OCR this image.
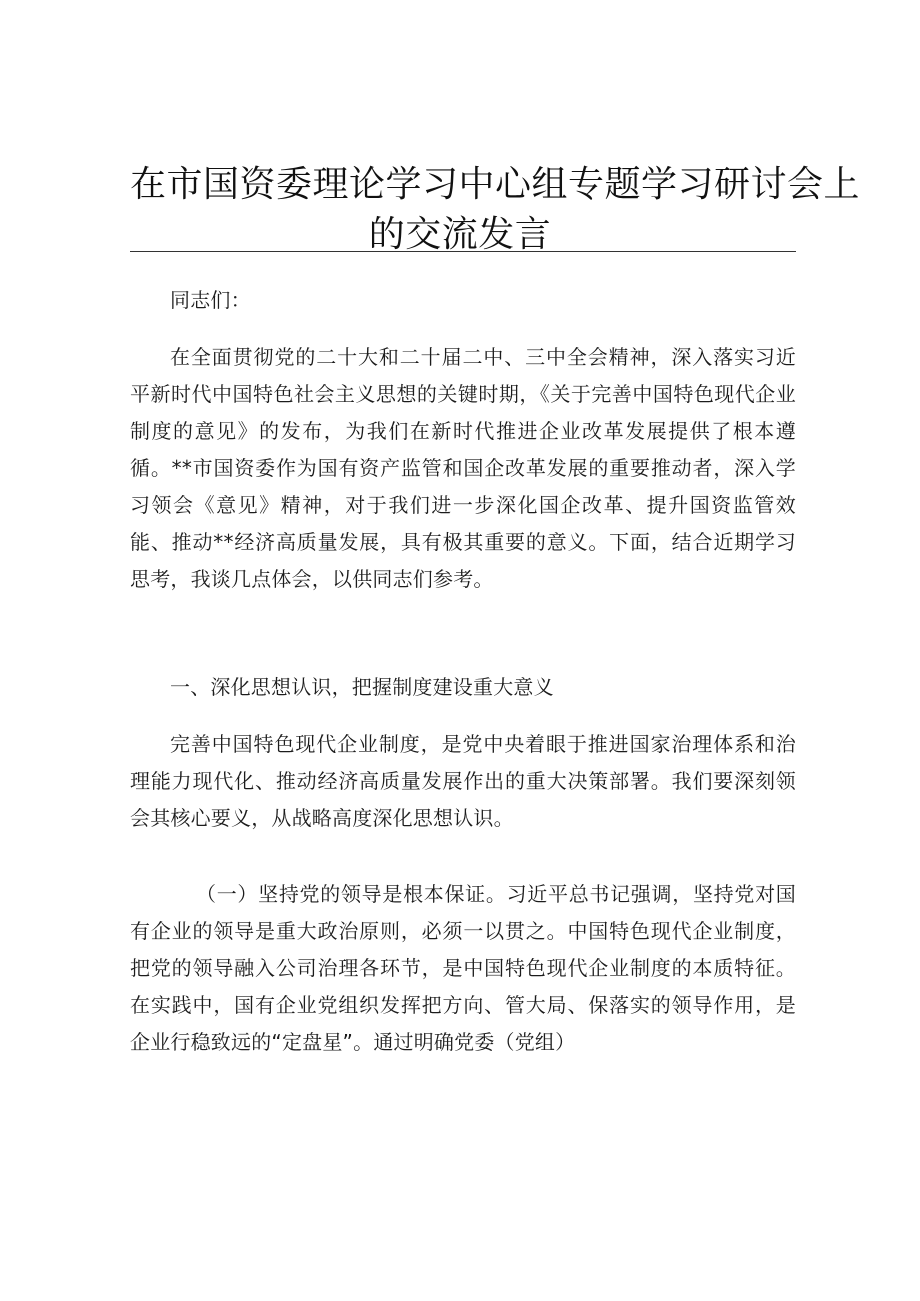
在市国资委理论学习中心组专题学习研讨会上
的交流发言

同志们：

在全面贯彻党的二十大和二十届二中、三中全会精神，深入落实习近平新时代中国特色社会主义思想的关键时期，《关于完善中国特色现代企业制度的意见》的发布，为我们在新时代推进企业改革发展提供了根本遵循。**市国资委作为国有资产监管和国企改革发展的重要推动者，深入学习领会《意见》精神，对于我们进一步深化国企改革、提升国资监管效能、推动**经济高质量发展，具有极其重要的意义。下面，结合近期学习思考，我谈几点体会，以供同志们参考。

一、深化思想认识，把握制度建设重大意义

完善中国特色现代企业制度，是党中央着眼于推进国家治理体系和治理能力现代化、推动经济高质量发展作出的重大决策部署。我们要深刻领会其核心要义，从战略高度深化思想认识。

（一）坚持党的领导是根本保证。习近平总书记强调，坚持党对国有企业的领导是重大政治原则，必须一以贯之。中国特色现代企业制度，把党的领导融入公司治理各环节，是中国特色现代企业制度的本质特征。在实践中，国有企业党组织发挥把方向、管大局、保落实的领导作用，是企业行稳致远的“定盘星”。通过明确党委（党组）
